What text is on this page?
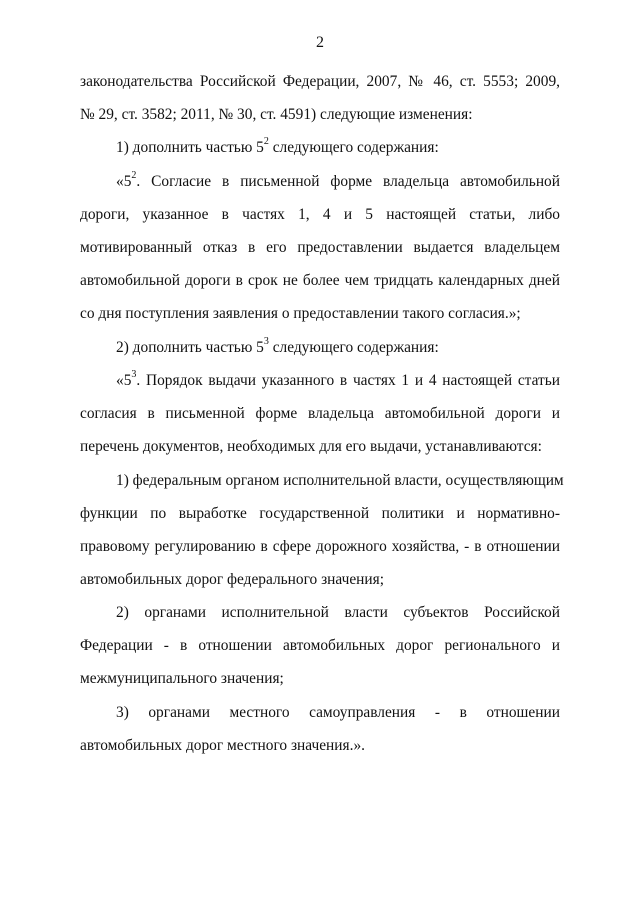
2
законодательства Российской Федерации, 2007, № 46, ст. 5553; 2009,
№ 29, ст. 3582; 2011, № 30, ст. 4591) следующие изменения:
1) дополнить частью $5^2$ следующего содержания:
«$5^2$. Согласие в письменной форме владельца автомобильной
дороги, указанное в частях 1, 4 и 5 настоящей статьи, либо
мотивированный отказ в его предоставлении выдается владельцем
автомобильной дороги в срок не более чем тридцать календарных дней
со дня поступления заявления о предоставлении такого согласия.»;
2) дополнить частью $5^3$ следующего содержания:
«$5^3$. Порядок выдачи указанного в частях 1 и 4 настоящей статьи
согласия в письменной форме владельца автомобильной дороги и
перечень документов, необходимых для его выдачи, устанавливаются:
1) федеральным органом исполнительной власти, осуществляющим
функции по выработке государственной политики и нормативно-
правовому регулированию в сфере дорожного хозяйства, - в отношении
автомобильных дорог федерального значения;
2) органами исполнительной власти субъектов Российской
Федерации - в отношении автомобильных дорог регионального и
межмуниципального значения;
3) органами местного самоуправления - в отношении
автомобильных дорог местного значения.».
